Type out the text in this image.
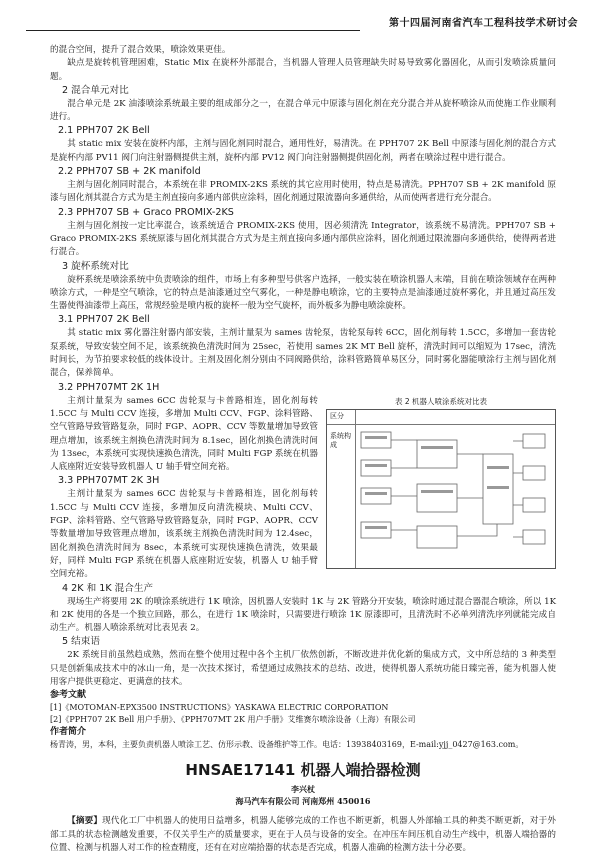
第十四届河南省汽车工程科技学术研讨会

的混合空间，提升了混合效果，喷涂效果更佳。

缺点是旋转机管理困难，Static Mix 在旋杯外部混合，当机器人管理人员管理缺失时易导致雾化器固化，从而引发喷涂质量问题。

2 混合单元对比

混合单元是 2K 油漆喷涂系统最主要的组成部分之一，在混合单元中原漆与固化剂在充分混合并从旋杯喷涂从而使施工作业顺利进行。

2.1 PPH707 2K Bell

其 static mix 安装在旋杯内部，主剂与固化剂同时混合，通用性好，易清洗。在 PPH707 2K Bell 中原漆与固化剂的混合方式是旋杯内部 PV11 阀门向注射器侧提供主剂，旋杯内部 PV12 阀门向注射器侧提供固化剂，两者在喷涂过程中进行混合。

2.2 PPH707 SB + 2K manifold

主剂与固化剂同时混合，本系统在非 PROMIX-2KS 系统的其它应用时使用，特点是易清洗。PPH707 SB + 2K manifold 原漆与固化剂其混合方式为是主剂直接向多通内部供应涂料，固化剂通过限流器向多通供给，从而使两者进行充分混合。

2.3 PPH707 SB + Graco PROMIX-2KS

主剂与固化剂按一定比率混合，该系统适合 PROMIX-2KS 使用，因必须清洗 Integrator，该系统不易清洗。PPH707 SB + Graco PROMIX-2KS 系统原漆与固化剂其混合方式为是主剂直接向多通内部供应涂料，固化剂通过限流器向多通供给，使得两者进行混合。

3 旋杯系统对比

旋杯系统是喷涂系统中负责喷涂的组件，市场上有多种型号供客户选择，一般实装在喷涂机器人末端，目前在喷涂领域存在两种喷涂方式，一种是空气喷涂，它的特点是油漆通过空气雾化，一种是静电喷涂，它的主要特点是油漆通过旋杯雾化，并且通过高压发生器使得油漆带上高压，常规经验是喷内板的旋杯一般为空气旋杯，而外板多为静电喷涂旋杯。

3.1 PPH707 2K Bell

其 static mix 雾化器注射器内部安装，主剂计量泵为 sames 齿轮泵，齿轮泵每转 6CC，固化剂每转 1.5CC，多增加一套齿轮泵系统，导致安装空间不足，该系统换色清洗时间为 25sec，若使用 sames 2K MT Bell 旋杯，清洗时间可以缩短为 17sec，清洗时间长，为节拍要求较低的线体设计。主剂及固化剂分别由不同阀路供给，涂料管路简单易区分，同时雾化器能喷涂行主剂与固化剂混合，保养简单。

3.2 PPH707MT 2K 1H
表 2 机器人喷涂系统对比表
区分
系统构成

主剂计量泵为 sames 6CC 齿轮泵与卡普路相连，固化剂每转 1.5CC 与 Multi CCV 连接，多增加 Multi CCV、FGP、涂料管路、空气管路导致管路复杂，同时 FGP、AOPR、CCV 等数量增加导致管理点增加，该系统主剂换色清洗时间为 8.1sec，固化剂换色清洗时间为 13sec，本系统可实现快速换色清洗，同时 Multi FGP 系统在机器人底座附近安装导致机器人 U 轴手臂空间充裕。

3.3 PPH707MT 2K 3H

主剂计量泵为 sames 6CC 齿轮泵与卡普路相连，固化剂每转 1.5CC 与 Multi CCV 连接，多增加反向清洗模块、Multi CCV、FGP、涂料管路、空气管路导致管路复杂，同时 FGP、AOPR、CCV 等数量增加导致管理点增加，该系统主剂换色清洗时间为 12.4sec，固化剂换色清洗时间为 8sec，本系统可实现快速换色清洗，效果最好，同样 Multi FGP 系统在机器人底座附近安装，机器人 U 轴手臂空间充裕。

4 2K 和 1K 混合生产

现场生产将要用 2K 的喷涂系统进行 1K 喷涂，因机器人安装时 1K 与 2K 管路分开安装，喷涂时通过混合器混合喷涂，所以 1K 和 2K 使用的各是一个独立回路，那么，在进行 1K 喷涂时，只需要进行喷涂 1K 原漆即可，且清洗时不必单列清洗序列就能完成自动生产。机器人喷涂系统对比表见表 2。

5 结束语

2K 系统目前虽然趋成熟，然而在整个使用过程中各个主机厂依然创新，不断改进并优化新的集成方式，文中所总结的 3 种类型只是创新集成技术中的冰山一角，是一次技术探讨，希望通过成熟技术的总结、改进，使得机器人系统功能日臻完善，能为机器人使用客户提供更稳定、更满意的技术。

参考文献
[1]《MOTOMAN-EPX3500 INSTRUCTIONS》YASKAWA ELECTRIC CORPORATION
[2]《PPH707 2K Bell 用户手册》、《PPH707MT 2K 用户手册》艾维赛尔喷涂设备（上海）有限公司
作者简介
杨青涛，男，本科，主要负责机器人喷涂工艺、仿形示教、设备维护等工作。电话：13938403169，E-mail:yjj_0427@163.com。
HNSAE17141 机器人端拾器检测
李兴杖
海马汽车有限公司 河南郑州 450016

【摘要】现代化工厂中机器人的使用日益增多，机器人能够完成的工作也不断更新，机器人外部输工具的种类不断更新，对于外部工具的状态检测越发重要，不仅关乎生产的质量要求，更在于人员与设备的安全。在冲压车间压机自动生产线中，机器人端拾器的位置、检测与机器人对工作的检查精度，还有在对应端拾器的状态是否完成，机器人准确的检测方法十分必要。
